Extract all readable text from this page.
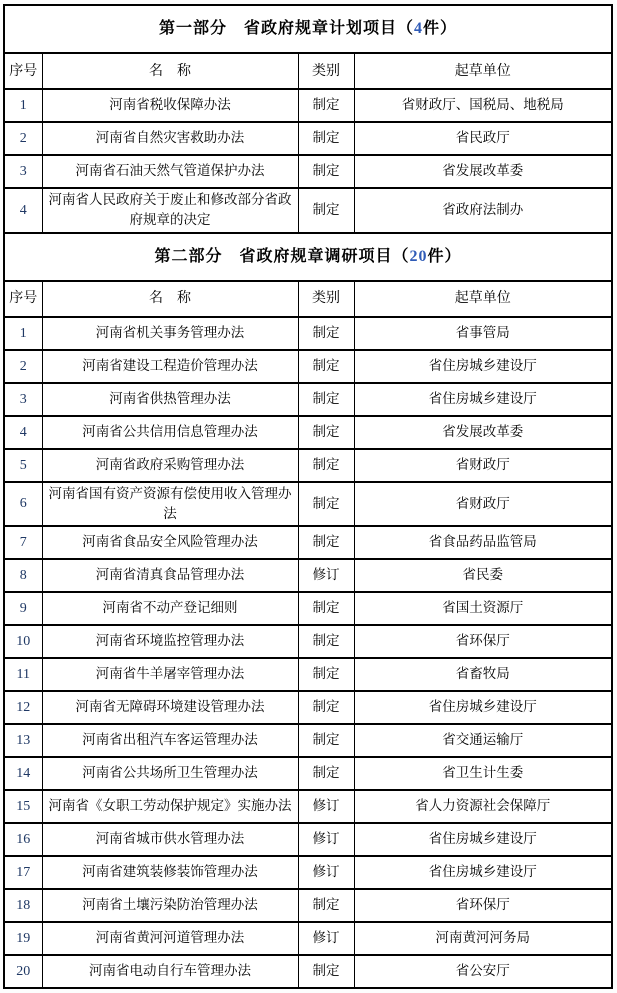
第一部分　省政府规章计划项目（4件）			
序号	名　称	类别	起草单位
1	河南省税收保障办法	制定	省财政厅、国税局、地税局
2	河南省自然灾害救助办法	制定	省民政厅
3	河南省石油天然气管道保护办法	制定	省发展改革委
4	河南省人民政府关于废止和修改部分省政府规章的决定	制定	省政府法制办
第二部分　省政府规章调研项目（20件）			
序号	名　称	类别	起草单位
1	河南省机关事务管理办法	制定	省事管局
2	河南省建设工程造价管理办法	制定	省住房城乡建设厅
3	河南省供热管理办法	制定	省住房城乡建设厅
4	河南省公共信用信息管理办法	制定	省发展改革委
5	河南省政府采购管理办法	制定	省财政厅
6	河南省国有资产资源有偿使用收入管理办法	制定	省财政厅
7	河南省食品安全风险管理办法	制定	省食品药品监管局
8	河南省清真食品管理办法	修订	省民委
9	河南省不动产登记细则	制定	省国土资源厅
10	河南省环境监控管理办法	制定	省环保厅
11	河南省牛羊屠宰管理办法	制定	省畜牧局
12	河南省无障碍环境建设管理办法	制定	省住房城乡建设厅
13	河南省出租汽车客运管理办法	制定	省交通运输厅
14	河南省公共场所卫生管理办法	制定	省卫生计生委
15	河南省《女职工劳动保护规定》实施办法	修订	省人力资源社会保障厅
16	河南省城市供水管理办法	修订	省住房城乡建设厅
17	河南省建筑装修装饰管理办法	修订	省住房城乡建设厅
18	河南省土壤污染防治管理办法	制定	省环保厅
19	河南省黄河河道管理办法	修订	河南黄河河务局
20	河南省电动自行车管理办法	制定	省公安厅
